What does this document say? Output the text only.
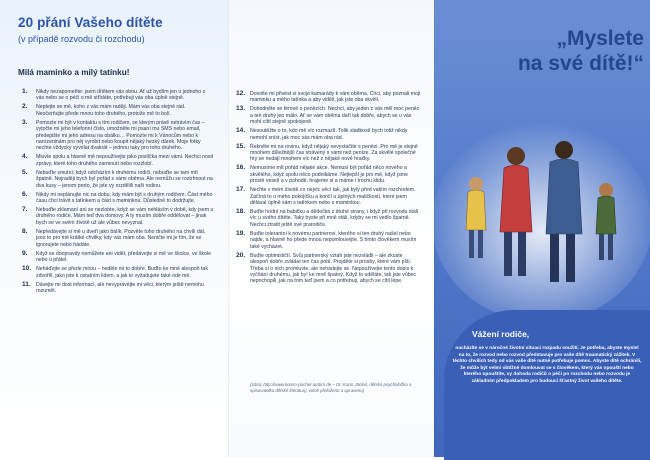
20 přání Vašeho dítěte

(v případě rozvodu či rozchodu)

Milá maminko a milý tatínku!

1. Nikdy nezapomeňte: jsem dítětem vás obou. Ať už bydlím jen u jednoho z vás nebo se o péči o mě střídáte, potřebuji vás oba úplně stejně.
2. Neptejte se mě, koho z vás mám raději. Mám vás oba stejně rád. Neočerňujte přede mnou toho druhého, protože mě to bolí.
3. Pomozte mi být v kontaktu s tím rodičem, se kterým právě netrávím čas – vytočte mi jeho telefonní číslo, umožněte mi psaní mu SMS nebo email, předepište mi jeho adresu na obálku… Pomozte mi k Vánocům nebo k narozeninám pro něj vyrobit nebo koupit nějaký hezký dárek. Moje fotky nechte vždycky vyvolat dvakrát – jednou taky pro toho druhého.
4. Mluvte spolu a hlavně mě nepoužívejte jako poslíčka mezi vámi. Nechci nosit zprávy, které toho druhého zarmoutí nebo rozzlobí.
5. Nebuďte smutní, když odcházím k druhému rodiči, nebuďte se tam mít špatně. Nejraději bych byl pořád s vámi oběma. Ale nemůžu se roztrhnout na dva kusy – jenom proto, že jste vy rozdělili naši rodinu.
6. Nikdy mi neplánujte nic na dobu, kdy mám být s druhým rodičem. Část mého času chci trávit s tatínkem a část s maminkou. Důsledně to dodržujte.
7. Nebuďte zklamaní ani se nezlobte, když se vám nehlásím v době, kdy jsem u druhého rodiče. Mám teď dva domovy. A ty musím dobře oddělovat – jinak bych se ve svém životě už ale vůbec nevyznal.
8. Nepředávejte si mě u dveří jako balík. Pozvěte toho druhého na chvíli dál, jsou to pro mě krátké chvilky, kdy vás mám oba. Neničte mi je tím, že se ignorujete nebo hádáte.
9. Když se doopravdy nemůžete ani vidět, předávejte si mě ve školce, ve škole nebo u přátel.
10. Neháďejte se přede mnou – neděle mi to dobře. Buďte ke mně alespoň tak zdvořilí, jako jste k ostatním lidem, a jak to vyžadujete také ode mě.
11. Dávejte mi dost informací, ale nevyprávějte mi věci, kterým ještě nemohu rozumět.
12. Dovolte mi přivést si svoje kamarády k vám oběma. Chci, aby poznali moji maminku a mého tatínka a aby viděli, jak jste oba skvělí.
13. Dohodněte se férově o penězích. Nechci, aby jeden z vás měl moc peněz a ten druhý jen málo. Ať se vám oběma daří tak dobře, abych se u vás mohl cítit stejně spokojeně.
14. Nesoutěžte o to, kdo mě víc rozmazlí. Tolik sladkostí bych totiž nikdy nemohl sníst, jak moc vás mám oba rád.
15. Řekněte mi na rovinu, když nějaký nevystačíte s penězi. Pro mě je stejně mnohem důležitější čas strávený s vámi než peníze. Za skvělé společné hry se nedají mnohem víc než z nějaké nové hračky.
16. Nemusíme mít pořád nějaké akce. Nemusí být pořád něco nového a skvělého, když spolu něco podnikáme. Nejlepší je pro mě, když jsme prostě veselí a v pohodě, hrajeme si a máme i trochu klidu.
17. Nechte v mém životě co nejvíc věcí tak, jak byly před vaším rozchodem. Začíná to u mého pokojíčku a končí u úplných maličkostí, které jsem dělával úplně sám s tatínkem nebo s maminkou.
18. Buďte hodní na babičku a dědečka z druhé strany, i když při rozvodu stáli víc u svého dítěte. Taky byste při mně stáli, kdyby se mi vedlo špatně. Nechci ztratit ještě své prarodiče.
19. Buďte tolerantní k novému partnerovi, kterého si ten druhý našel nebo najde, a hlavně ho přede mnou nepomlouvejte. S tímto člověkem musím také vycházet.
20. Buďte optimističtí. Svůj partnerský vztah jste nezvládli – ale zkuste alespoň dobře zvládat ten čas poté. Projděte si prosby, které vám píši. Třeba si o nich promluvte, ale nehádejte se. Nepoužívejte tento dopis k vyčítání druhému, jak by! ke mně špatný. Když to uděláte, tak jste vůbec nepochopili, jak na tom teď jsem a co potřebuji, abych se cítil lépe.

(zdroj: http://www.komm-pochel-autorn.de – Dr. Karin Jäckel, dětská psycholožka a spisovatelka dětské literatury, volně přeloženo a upraveno)

„Myslete
na své dítě!“
Vážení rodiče,

nacházíte se v náročné životní situaci rozpadu soužití. Je potřeba, abyste myslel na to, že rozvod nebo rozvod představuje pro vaše dítě traumatický zážitek. V těchto chvílích tedy od vás vaše dítě nutně potřebuje pomoc. Abyste dítě ochránili, že může být velmi obtížné domlouvat se s člověkem, který vás opouští nebo kterého opouštíte, vy dohoda rodičů o péči po rozchodu nebo rozvodu je základním předpokladem pro budoucí šťastný život vašeho dítěte.
